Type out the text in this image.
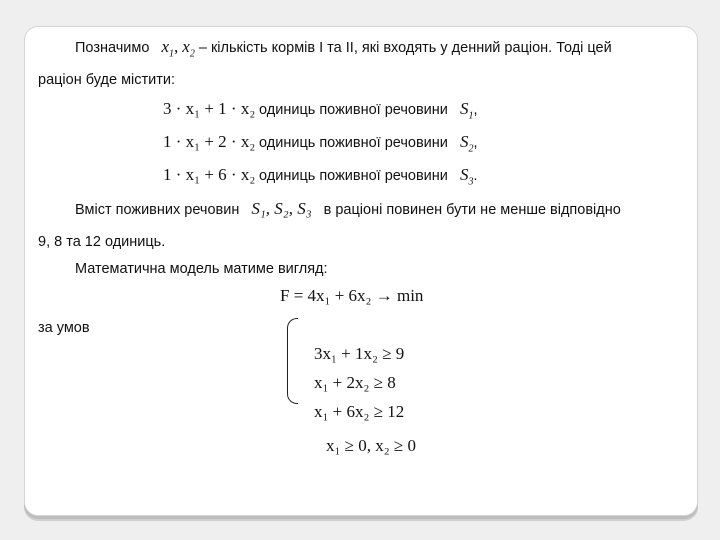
Позначимо $x_1$, $x_2$ – кількість кормів I та II, які входять у денний раціон. Тоді цей
раціон буде містити:
3 · x₁ + 1 · x₂ одиниць поживної речовини $S_1$,
1 · x₁ + 2 · x₂ одиниць поживної речовини $S_2$,
1 · x₁ + 6 · x₂ одиниць поживної речовини $S_3$.
Вміст поживних речовин S₁, S₂, S₃ в раціоні повинен бути не менше відповідно
9, 8 та 12 одиниць.
Математична модель матиме вигляд:
F = 4x₁ + 6x₂ → min
за умов
3x₁ + 1x₂ ≥ 9
x₁ + 2x₂ ≥ 8
x₁ + 6x₂ ≥ 12
x₁ ≥ 0, x₂ ≥ 0
